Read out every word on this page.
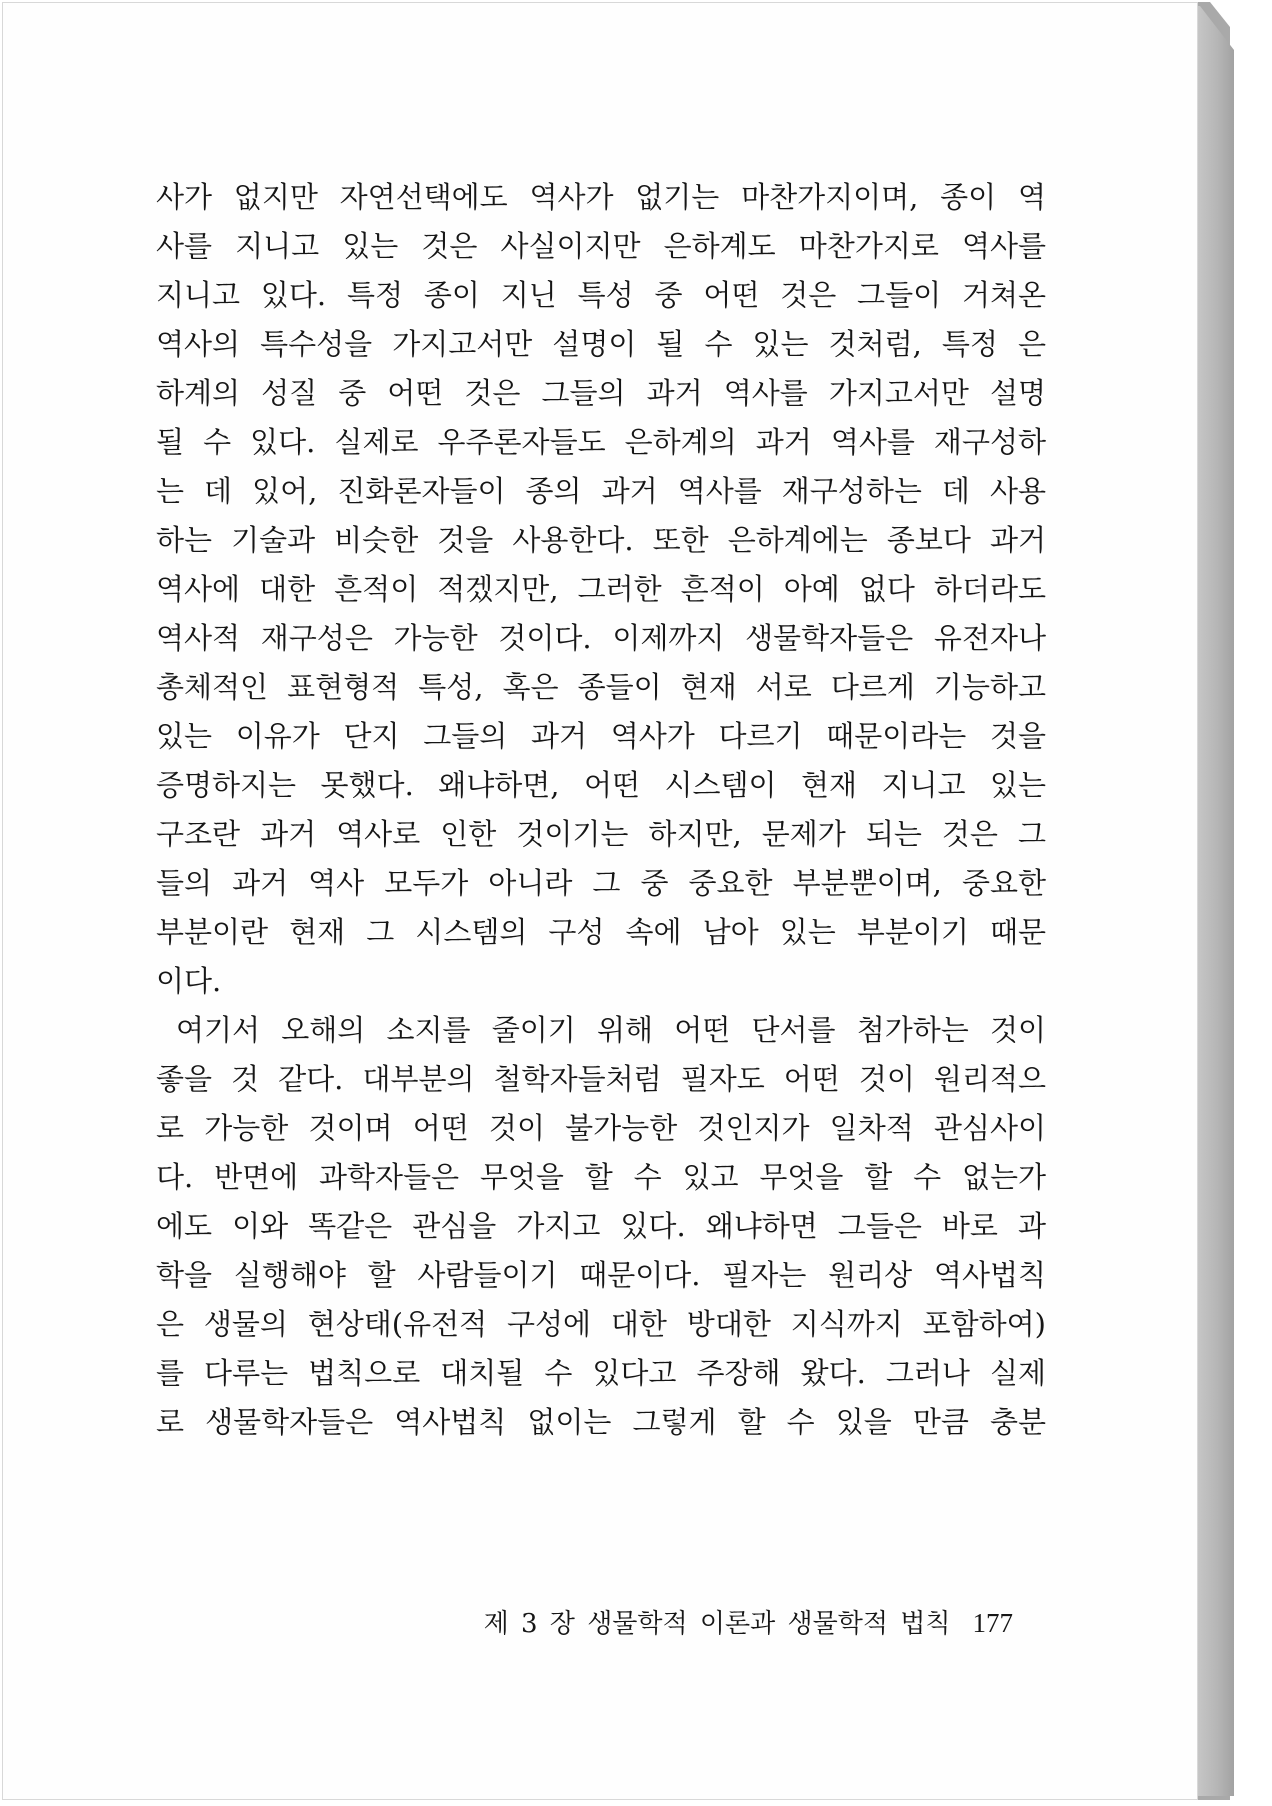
사가 없지만 자연선택에도 역사가 없기는 마찬가지이며, 종이 역
사를 지니고 있는 것은 사실이지만 은하계도 마찬가지로 역사를
지니고 있다. 특정 종이 지닌 특성 중 어떤 것은 그들이 거쳐온
역사의 특수성을 가지고서만 설명이 될 수 있는 것처럼, 특정 은
하계의 성질 중 어떤 것은 그들의 과거 역사를 가지고서만 설명
될 수 있다. 실제로 우주론자들도 은하계의 과거 역사를 재구성하
는 데 있어, 진화론자들이 종의 과거 역사를 재구성하는 데 사용
하는 기술과 비슷한 것을 사용한다. 또한 은하계에는 종보다 과거
역사에 대한 흔적이 적겠지만, 그러한 흔적이 아예 없다 하더라도
역사적 재구성은 가능한 것이다. 이제까지 생물학자들은 유전자나
총체적인 표현형적 특성, 혹은 종들이 현재 서로 다르게 기능하고
있는 이유가 단지 그들의 과거 역사가 다르기 때문이라는 것을
증명하지는 못했다. 왜냐하면, 어떤 시스템이 현재 지니고 있는
구조란 과거 역사로 인한 것이기는 하지만, 문제가 되는 것은 그
들의 과거 역사 모두가 아니라 그 중 중요한 부분뿐이며, 중요한
부분이란 현재 그 시스템의 구성 속에 남아 있는 부분이기 때문
이다.
여기서 오해의 소지를 줄이기 위해 어떤 단서를 첨가하는 것이
좋을 것 같다. 대부분의 철학자들처럼 필자도 어떤 것이 원리적으
로 가능한 것이며 어떤 것이 불가능한 것인지가 일차적 관심사이
다. 반면에 과학자들은 무엇을 할 수 있고 무엇을 할 수 없는가
에도 이와 똑같은 관심을 가지고 있다. 왜냐하면 그들은 바로 과
학을 실행해야 할 사람들이기 때문이다. 필자는 원리상 역사법칙
은 생물의 현상태(유전적 구성에 대한 방대한 지식까지 포함하여)
를 다루는 법칙으로 대치될 수 있다고 주장해 왔다. 그러나 실제
로 생물학자들은 역사법칙 없이는 그렇게 할 수 있을 만큼 충분
제 3 장 생물학적 이론과 생물학적 법칙 177
